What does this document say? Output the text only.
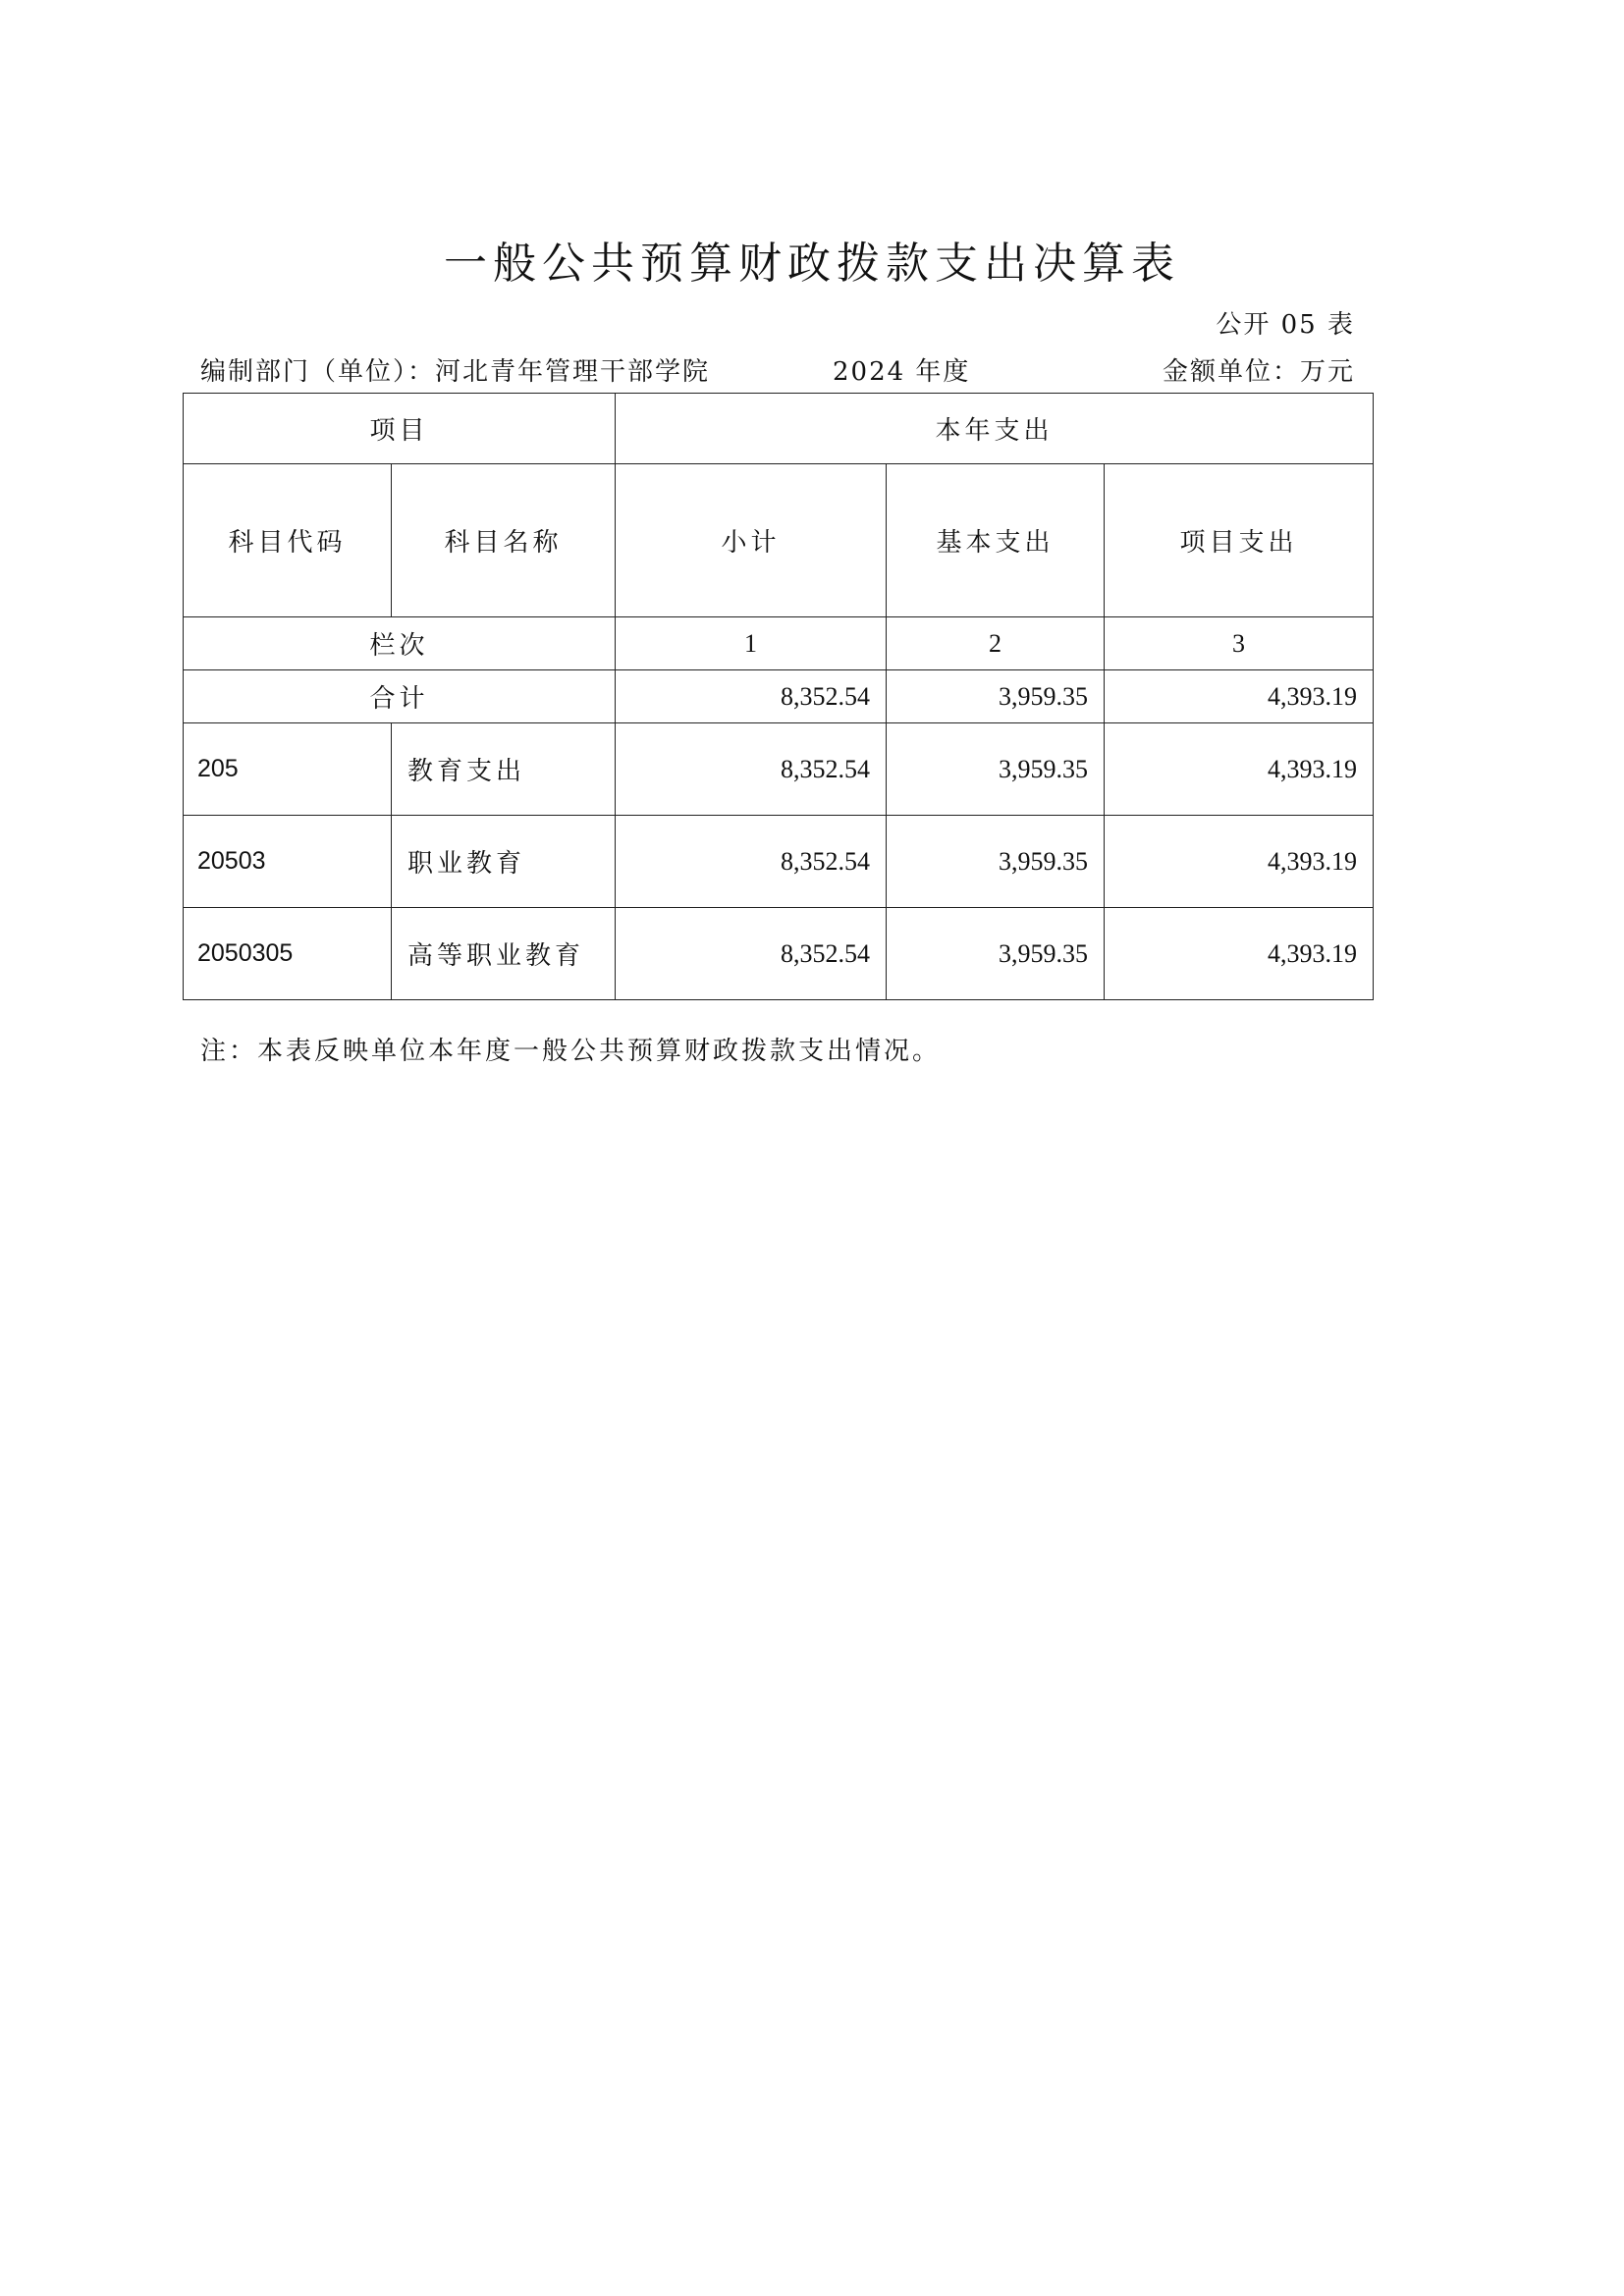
一般公共预算财政拨款支出决算表
公开 05 表
编制部门（单位）：河北青年管理干部学院	2024 年度	金额单位：万元
项目		本年支出		
科目代码	科目名称	小计	基本支出	项目支出
栏次		1	2	3
合计		8,352.54	3,959.35	4,393.19
205	教育支出	8,352.54	3,959.35	4,393.19
20503	职业教育	8,352.54	3,959.35	4,393.19
2050305	高等职业教育	8,352.54	3,959.35	4,393.19
注：本表反映单位本年度一般公共预算财政拨款支出情况。
